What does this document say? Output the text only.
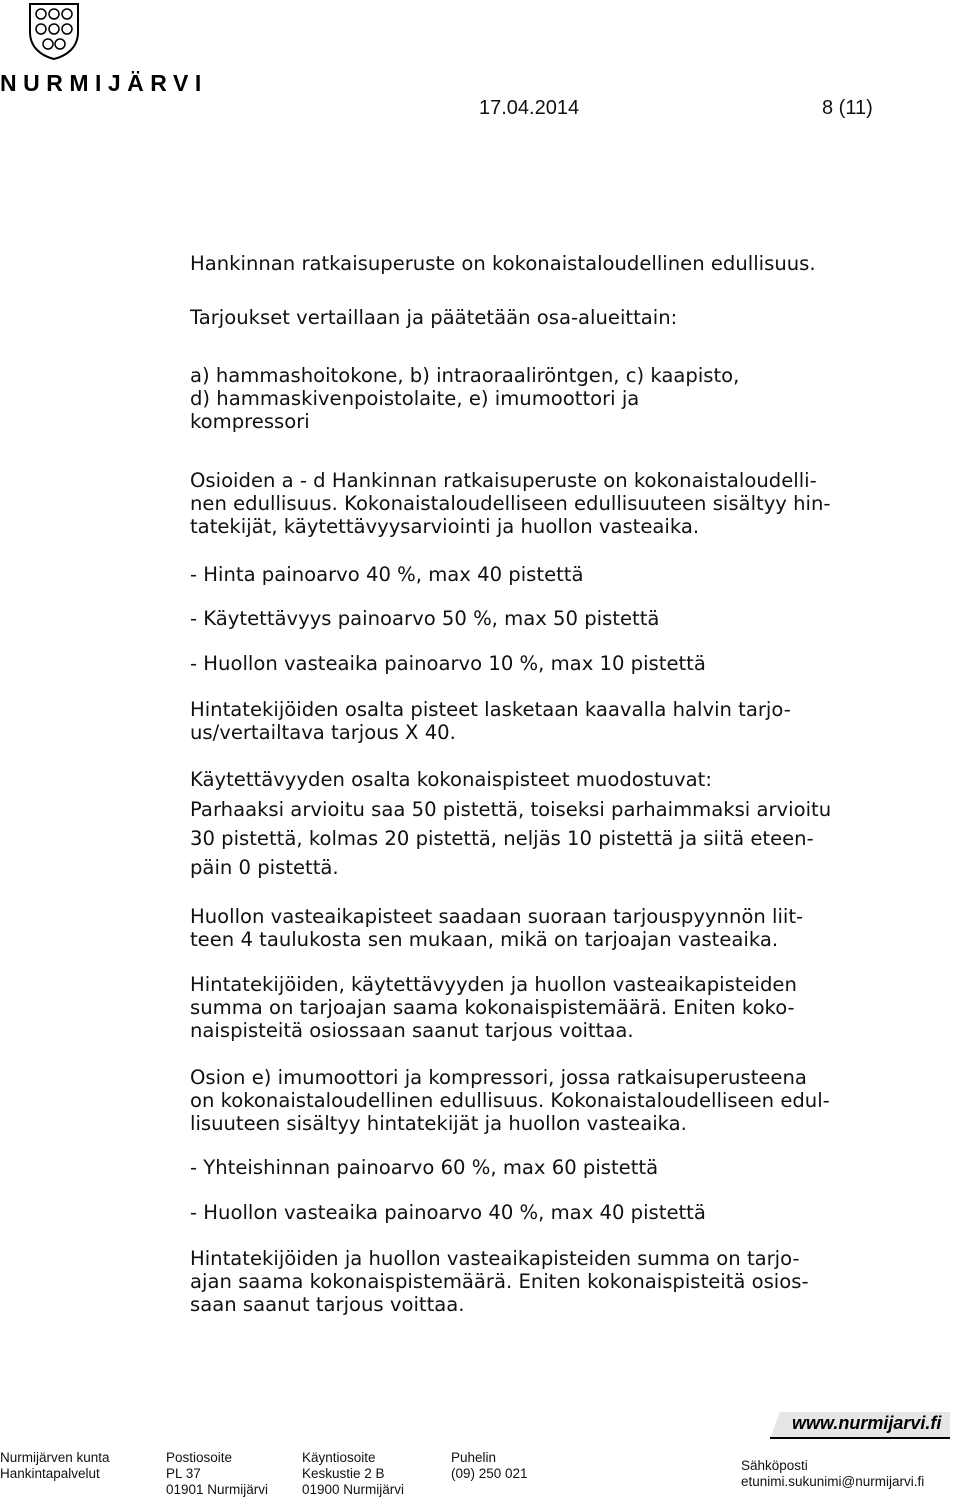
NURMIJÄRVI
17.04.2014	8 (11)

Hankinnan ratkaisuperuste on kokonaistaloudellinen edullisuus.

Tarjoukset vertaillaan ja päätetään osa-alueittain:

a) hammashoitokone, b) intraoraaliröntgen, c) kaapisto,
d) hammaskivenpoistolaite, e) imumoottori ja
kompressori

Osioiden a - d Hankinnan ratkaisuperuste on kokonaistaloudelli-
nen edullisuus. Kokonaistaloudelliseen edullisuuteen sisältyy hin-
tatekijät, käytettävyysarviointi ja huollon vasteaika.

- Hinta painoarvo 40 %, max 40 pistettä

- Käytettävyys painoarvo 50 %, max 50 pistettä

- Huollon vasteaika painoarvo 10 %, max 10 pistettä

Hintatekijöiden osalta pisteet lasketaan kaavalla halvin tarjo-
us/vertailtava tarjous X 40.

Käytettävyyden osalta kokonaispisteet muodostuvat:

Parhaaksi arvioitu saa 50 pistettä, toiseksi parhaimmaksi arvioitu

30 pistettä, kolmas 20 pistettä, neljäs 10 pistettä ja siitä eteen-

päin 0 pistettä.

Huollon vasteaikapisteet saadaan suoraan tarjouspyynnön liit-
teen 4 taulukosta sen mukaan, mikä on tarjoajan vasteaika.

Hintatekijöiden, käytettävyyden ja huollon vasteaikapisteiden
summa on tarjoajan saama kokonaispistemäärä. Eniten koko-
naispisteitä osiossaan saanut tarjous voittaa.

Osion e) imumoottori ja kompressori, jossa ratkaisuperusteena
on kokonaistaloudellinen edullisuus. Kokonaistaloudelliseen edul-
lisuuteen sisältyy hintatekijät ja huollon vasteaika.

- Yhteishinnan painoarvo 60 %, max 60 pistettä

- Huollon vasteaika painoarvo 40 %, max 40 pistettä

Hintatekijöiden ja huollon vasteaikapisteiden summa on tarjo-
ajan saama kokonaispistemäärä. Eniten kokonaispisteitä osios-
saan saanut tarjous voittaa.

www.nurmijarvi.fi
Nurmijärven kunta
Hankintapalvelut
Postiosoite
PL 37
01901 Nurmijärvi
Käyntiosoite
Keskustie 2 B
01900 Nurmijärvi
Puhelin
(09) 250 021
Sähköposti
etunimi.sukunimi@nurmijarvi.fi
